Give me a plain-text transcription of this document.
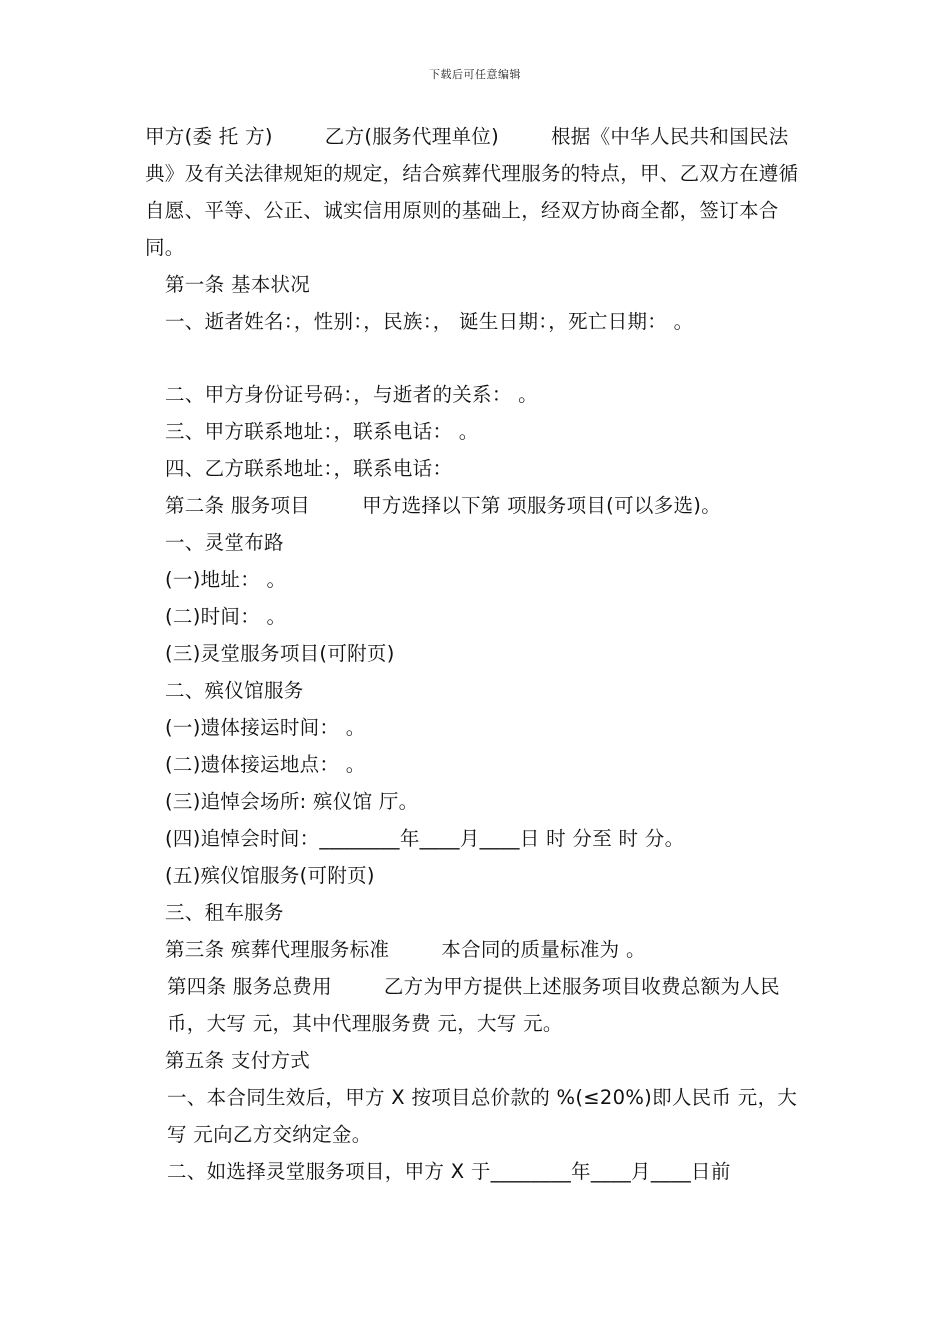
下载后可任意编辑

甲方(委 托 方)        乙方(服务代理单位)        根据《中华人民共和国民法典》及有关法律规矩的规定，结合殡葬代理服务的特点，甲、乙双方在遵循自愿、平等、公正、诚实信用原则的基础上，经双方协商全都，签订本合同。

第一条 基本状况

一、逝者姓名：，性别：，民族：， 诞生日期：，死亡日期： 。

二、甲方身份证号码：，与逝者的关系： 。

三、甲方联系地址：，联系电话： 。

四、乙方联系地址：，联系电话：

第二条 服务项目        甲方选择以下第 项服务项目(可以多选)。

一、灵堂布路

(一)地址： 。

(二)时间： 。

(三)灵堂服务项目(可附页)

二、殡仪馆服务

(一)遗体接运时间： 。

(二)遗体接运地点： 。

(三)追悼会场所: 殡仪馆 厅。

(四)追悼会时间：________年____月____日 时 分至 时 分。

(五)殡仪馆服务(可附页)

三、租车服务

第三条 殡葬代理服务标准        本合同的质量标准为 。

第四条 服务总费用        乙方为甲方提供上述服务项目收费总额为人民币，大写 元，其中代理服务费 元，大写 元。

第五条 支付方式

一、本合同生效后，甲方 X 按项目总价款的 %(≤20%)即人民币 元，大写 元向乙方交纳定金。

二、如选择灵堂服务项目，甲方 X 于________年____月____日前
